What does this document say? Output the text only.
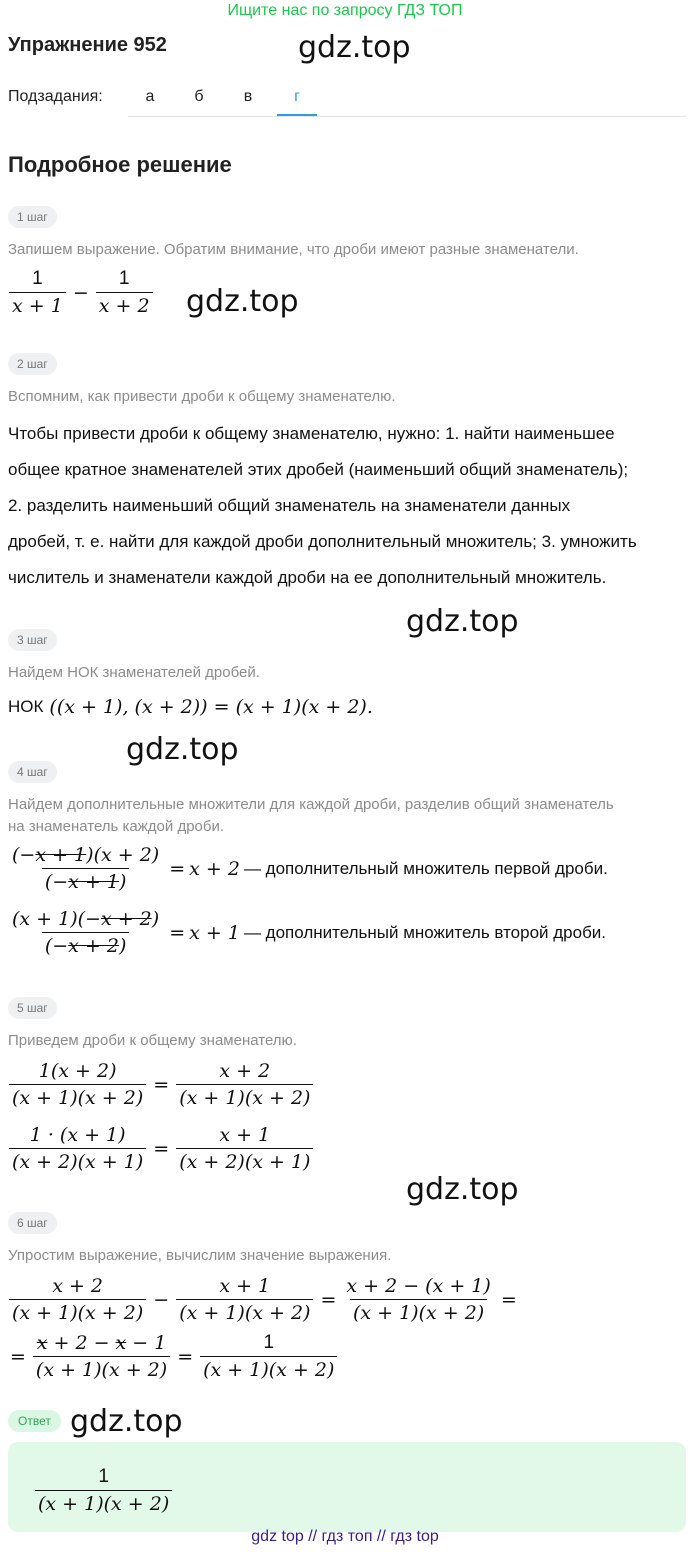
Ищите нас по запросу ГДЗ ТОП
Упражнение 952	gdz.top
Подзадания:	а	б	в	г
Подробное решение
1 шаг
Запишем выражение. Обратим внимание, что дроби имеют разные знаменатели.
$\frac{1}{x + 1} - \frac{1}{x + 2} gdz.top$
2 шаг
Вспомним, как привести дроби к общему знаменателю.
Чтобы привести дроби к общему знаменателю, нужно: 1. найти наименьшее
общее кратное знаменателей этих дробей (наименьший общий знаменатель);
2. разделить наименьший общий знаменатель на знаменатели данных
дробей, т. е. найти для каждой дроби дополнительный множитель; 3. умножить
числитель и знаменатели каждой дроби на ее дополнительный множитель.
gdz.top
3 шаг
Найдем НОК знаменателей дробей.
НОК ((x + 1), (x + 2)) = (x + 1)(x + 2).
gdz.top
4 шаг
Найдем дополнительные множители для каждой дроби, разделив общий знаменатель
на знаменатель каждой дроби.
$\frac{(-x + 1)(x + 2)}{(-x + 1)} = x + 2$ — дополнительный множитель первой дроби.
$\frac{(x + 1)(-x + 2)}{(-x + 2)} = x + 1$ — дополнительный множитель второй дроби.
5 шаг
Приведем дроби к общему знаменателю.
$\frac{1(x + 2)}{(x + 1)(x + 2)} = \frac{x + 2}{(x + 1)(x + 2)}$
$\frac{1 \cdot (x + 1)}{(x + 2)(x + 1)} = \frac{x + 1}{(x + 2)(x + 1)}$
gdz.top
6 шаг
Упростим выражение, вычислим значение выражения.
$\frac{x + 2}{(x + 1)(x + 2)} - \frac{x + 1}{(x + 1)(x + 2)} = \frac{x + 2 - (x + 1)}{(x + 1)(x + 2)}$ =
= $\frac{x + 2 - x - 1}{(x + 1)(x + 2)} = \frac{1}{(x + 1)(x + 2)}$
Ответ gdz.top
$\frac{1}{(x + 1)(x + 2)}$
gdz top // гдз топ // гдз top
